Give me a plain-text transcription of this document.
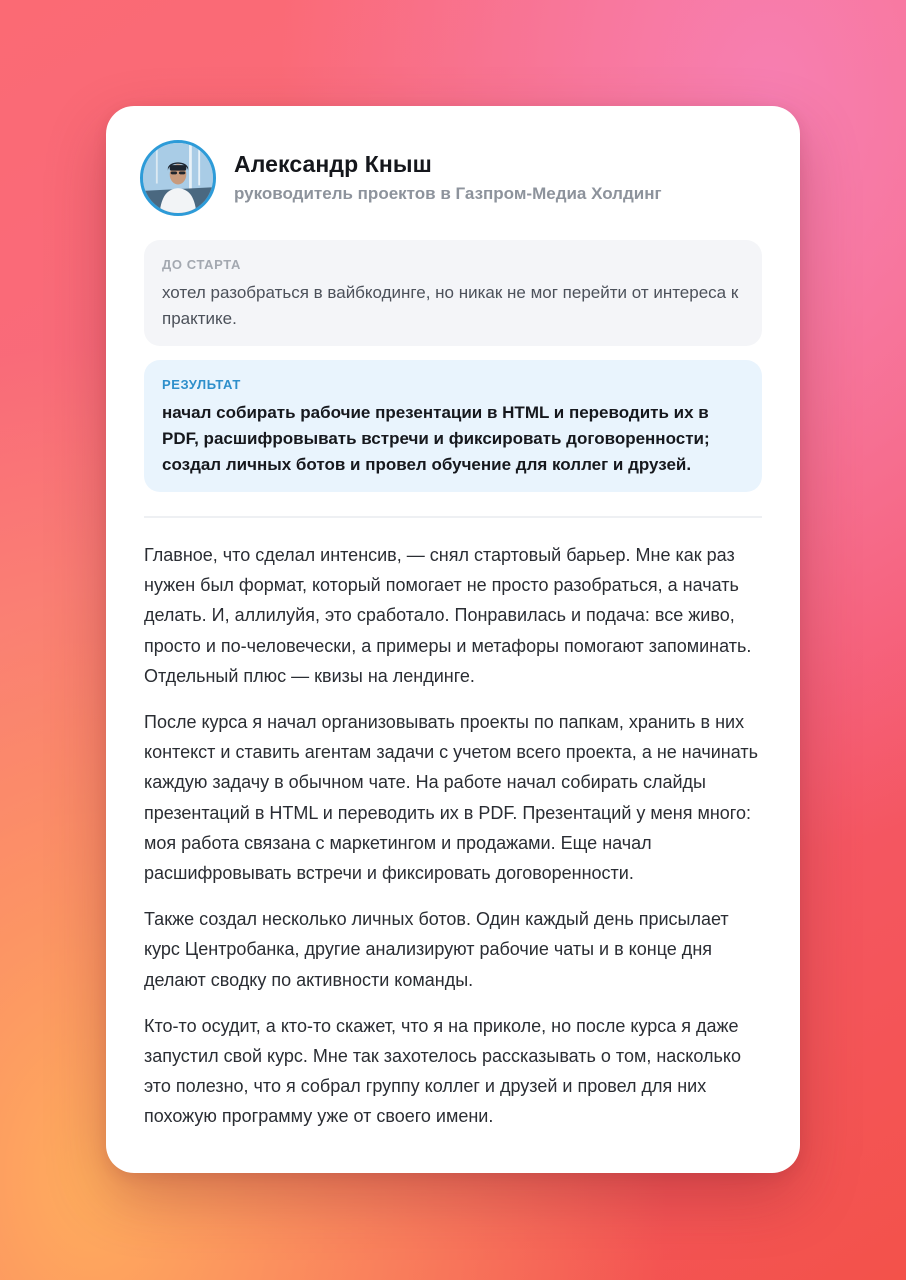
Александр Кныш
руководитель проектов в Газпром-Медиа Холдинг
ДО СТАРТА
хотел разобраться в вайбкодинге, но никак не мог перейти от интереса к практике.
РЕЗУЛЬТАТ
начал собирать рабочие презентации в HTML и переводить их в PDF, расшифровывать встречи и фиксировать договоренности; создал личных ботов и провел обучение для коллег и друзей.

Главное, что сделал интенсив, — снял стартовый барьер. Мне как раз нужен был формат, который помогает не просто разобраться, а начать делать. И, аллилуйя, это сработало. Понравилась и подача: все живо, просто и по-человечески, а примеры и метафоры помогают запоминать. Отдельный плюс — квизы на лендинге.

После курса я начал организовывать проекты по папкам, хранить в них контекст и ставить агентам задачи с учетом всего проекта, а не начинать каждую задачу в обычном чате. На работе начал собирать слайды презентаций в HTML и переводить их в PDF. Презентаций у меня много: моя работа связана с маркетингом и продажами. Еще начал расшифровывать встречи и фиксировать договоренности.

Также создал несколько личных ботов. Один каждый день присылает курс Центробанка, другие анализируют рабочие чаты и в конце дня делают сводку по активности команды.

Кто-то осудит, а кто-то скажет, что я на приколе, но после курса я даже запустил свой курс. Мне так захотелось рассказывать о том, насколько это полезно, что я собрал группу коллег и друзей и провел для них похожую программу уже от своего имени.
